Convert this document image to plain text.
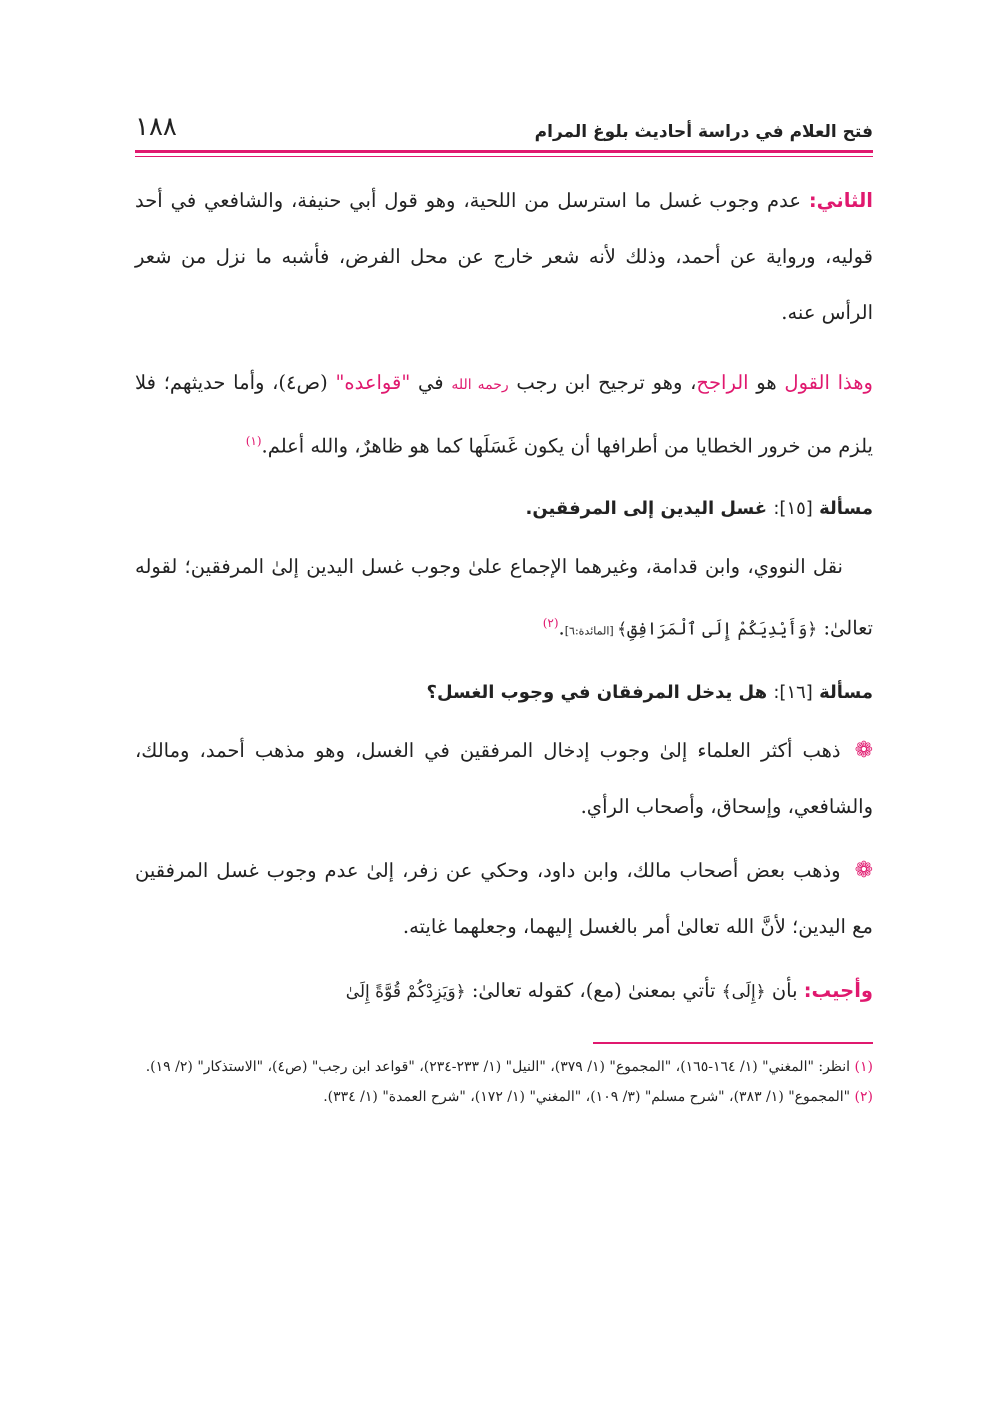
فتح العلام في دراسة أحاديث بلوغ المرام
١٨٨

الثاني: عدم وجوب غسل ما استرسل من اللحية، وهو قول أبي حنيفة، والشافعي في أحد قوليه، ورواية عن أحمد، وذلك لأنه شعر خارج عن محل الفرض، فأشبه ما نزل من شعر الرأس عنه.

وهذا القول هو الراجح، وهو ترجيح ابن رجب رحمه الله في "قواعده" (ص٤)، وأما حديثهم؛ فلا يلزم من خرور الخطايا من أطرافها أن يكون غَسَلَها كما هو ظاهرٌ، والله أعلم.$^{(١)}$

مسألة [١٥]: غسل اليدين إلى المرفقين.

نقل النووي، وابن قدامة، وغيرهما الإجماع علىٰ وجوب غسل اليدين إلىٰ المرفقين؛ لقوله تعالىٰ: ﴿وَأَيْدِيَكُمْ إِلَى ٱلْمَرَافِقِ﴾ [المائدة:٦].$^{(٢)}$

مسألة [١٦]: هل يدخل المرفقان في وجوب الغسل؟

❁ذهب أكثر العلماء إلىٰ وجوب إدخال المرفقين في الغسل، وهو مذهب أحمد، ومالك، والشافعي، وإسحاق، وأصحاب الرأي.

❁وذهب بعض أصحاب مالك، وابن داود، وحكي عن زفر، إلىٰ عدم وجوب غسل المرفقين مع اليدين؛ لأنَّ الله تعالىٰ أمر بالغسل إليهما، وجعلهما غايته.

وأجيب: بأن ﴿إِلَى﴾ تأتي بمعنىٰ (مع)، كقوله تعالىٰ: ﴿وَيَزِدْكُمْ قُوَّةً إِلَىٰ

(١) انظر: "المغني" (١/ ١٦٤-١٦٥)، "المجموع" (١/ ٣٧٩)، "النيل" (١/ ٢٣٣-٢٣٤)، "قواعد ابن رجب" (ص٤)، "الاستذكار" (٢/ ١٩).

(٢) "المجموع" (١/ ٣٨٣)، "شرح مسلم" (٣/ ١٠٩)، "المغني" (١/ ١٧٢)، "شرح العمدة" (١/ ٣٣٤).
